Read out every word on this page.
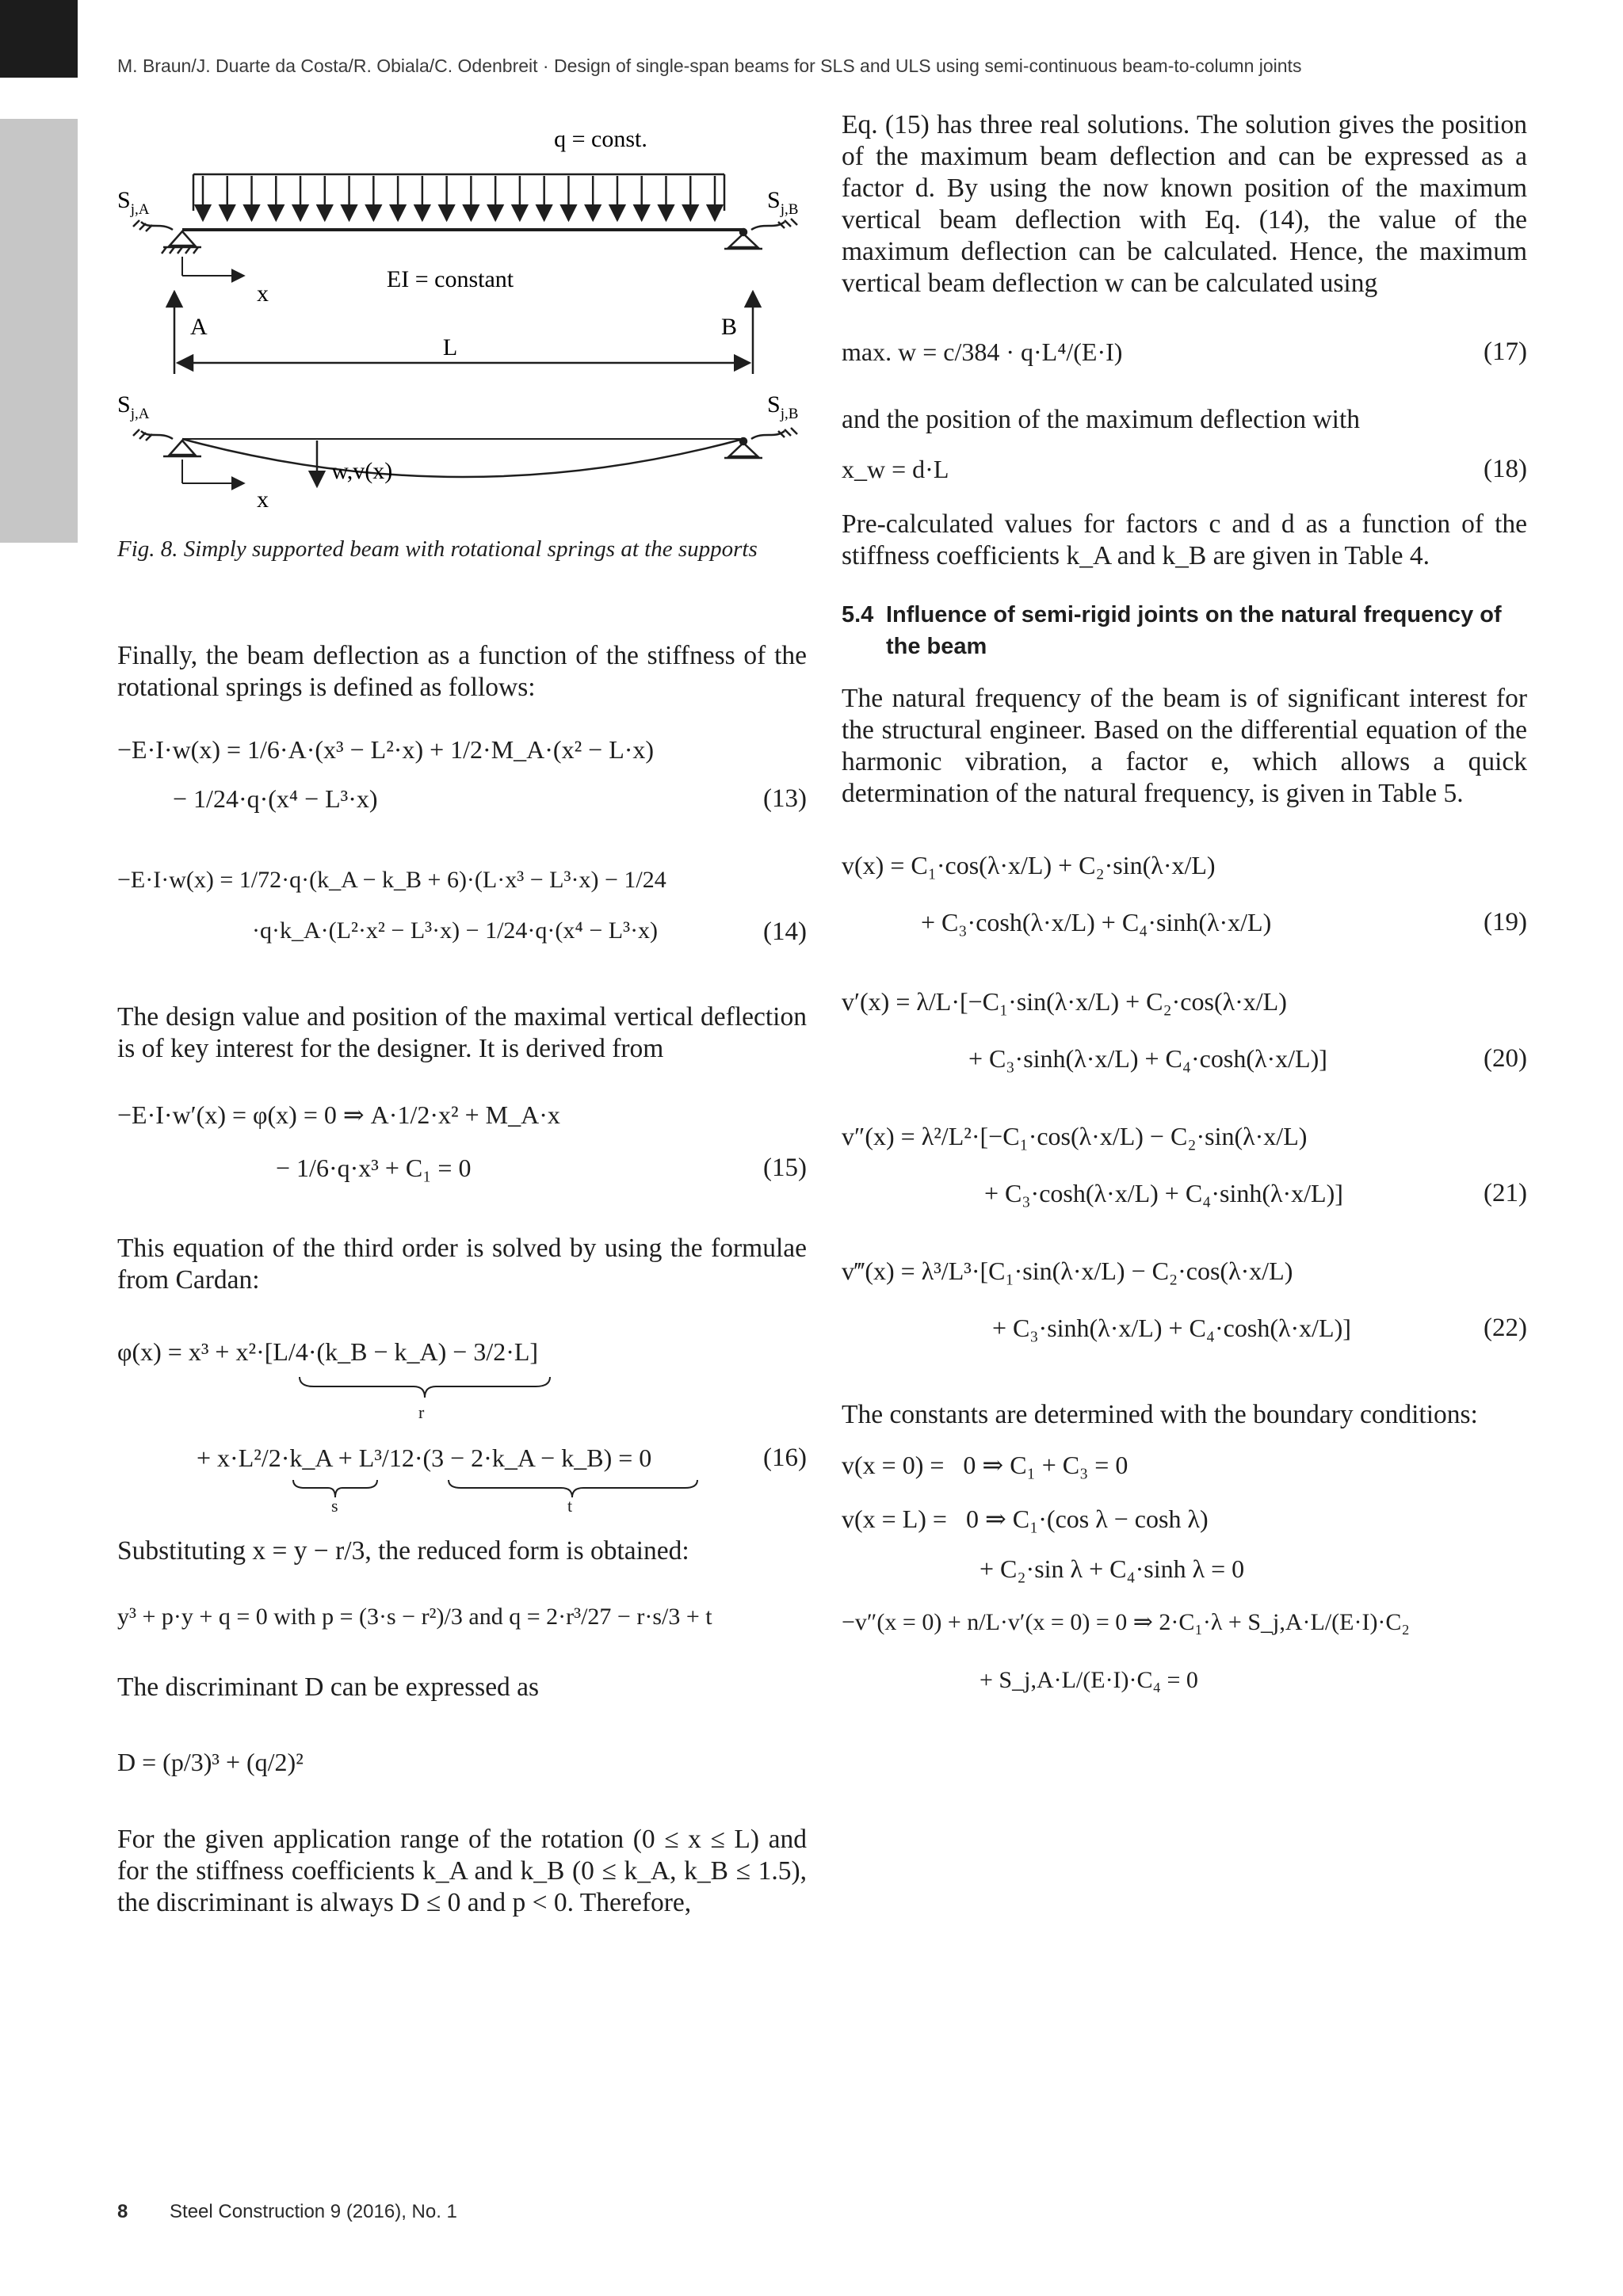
M. Braun/J. Duarte da Costa/R. Obiala/C. Odenbreit · Design of single-span beams for SLS and ULS using semi-continuous beam-to-column joints
q = const.
$S_{j,A}$	$S_{j,B}$
x
EI = constant
A	B
L
$S_{j,A}$	$S_{j,B}$
x
w,v(x)

Fig. 8. Simply supported beam with rotational springs at the supports

Finally, the beam deflection as a function of the stiffness of the rotational springs is defined as follows:

−E·I·w(x) = 1/6·A·(x³ − L²·x) + 1/2·M_A·(x² − L·x)
− 1/24·q·(x⁴ − L³·x)	(13)
−E·I·w(x) = 1/72·q·(k_A − k_B + 6)·(L·x³ − L³·x) − 1/24
·q·k_A·(L²·x² − L³·x) − 1/24·q·(x⁴ − L³·x)	(14)

The design value and position of the maximal vertical deflection is of key interest for the designer. It is derived from

−E·I·w′(x) = φ(x) = 0 ⇒ A·1/2·x² + M_A·x
− 1/6·q·x³ + C₁ = 0	(15)

This equation of the third order is solved by using the formulae from Cardan:

φ(x) = x³ + x²·[L/4·(k_B − k_A) − 3/2·L]
r
+ x·L²/2·k_A + L³/12·(3 − 2·k_A − k_B) = 0
s	t
(16)

Substituting x = y − r/3, the reduced form is obtained:

y³ + p·y + q = 0 with p = (3·s − r²)/3 and q = 2·r³/27 − r·s/3 + t

The discriminant D can be expressed as

D = (p/3)³ + (q/2)²

For the given application range of the rotation (0 ≤ x ≤ L) and for the stiffness coefficients k_A and k_B (0 ≤ k_A, k_B ≤ 1.5), the discriminant is always D ≤ 0 and p < 0. Therefore,

Eq. (15) has three real solutions. The solution gives the position of the maximum beam deflection and can be expressed as a factor d. By using the now known position of the maximum vertical beam deflection with Eq. (14), the value of the maximum deflection can be calculated. Hence, the maximum vertical beam deflection w can be calculated using

max. w = c/384 · q·L⁴/(E·I)	(17)

and the position of the maximum deflection with

x_w = d·L	(18)

Pre-calculated values for factors c and d as a function of the stiffness coefficients k_A and k_B are given in Table 4.

5.4 Influence of semi-rigid joints on the natural frequency of the beam

The natural frequency of the beam is of significant interest for the structural engineer. Based on the differential equation of the harmonic vibration, a factor e, which allows a quick determination of the natural frequency, is given in Table 5.

v(x) = C₁·cos(λ·x/L) + C₂·sin(λ·x/L)
+ C₃·cosh(λ·x/L) + C₄·sinh(λ·x/L)	(19)
v′(x) = λ/L·[−C₁·sin(λ·x/L) + C₂·cos(λ·x/L)
+ C₃·sinh(λ·x/L) + C₄·cosh(λ·x/L)]	(20)
v″(x) = λ²/L²·[−C₁·cos(λ·x/L) − C₂·sin(λ·x/L)
+ C₃·cosh(λ·x/L) + C₄·sinh(λ·x/L)]	(21)
v‴(x) = λ³/L³·[C₁·sin(λ·x/L) − C₂·cos(λ·x/L)
+ C₃·sinh(λ·x/L) + C₄·cosh(λ·x/L)]	(22)

The constants are determined with the boundary conditions:

v(x = 0) =   0 ⇒ C₁ + C₃ = 0
v(x = L) =   0 ⇒ C₁·(cos λ − cosh λ)
+ C₂·sin λ + C₄·sinh λ = 0
−v″(x = 0) + n/L·v′(x = 0) = 0 ⇒ 2·C₁·λ + S_j,A·L/(E·I)·C₂
+ S_j,A·L/(E·I)·C₄ = 0
8 Steel Construction 9 (2016), No. 1
